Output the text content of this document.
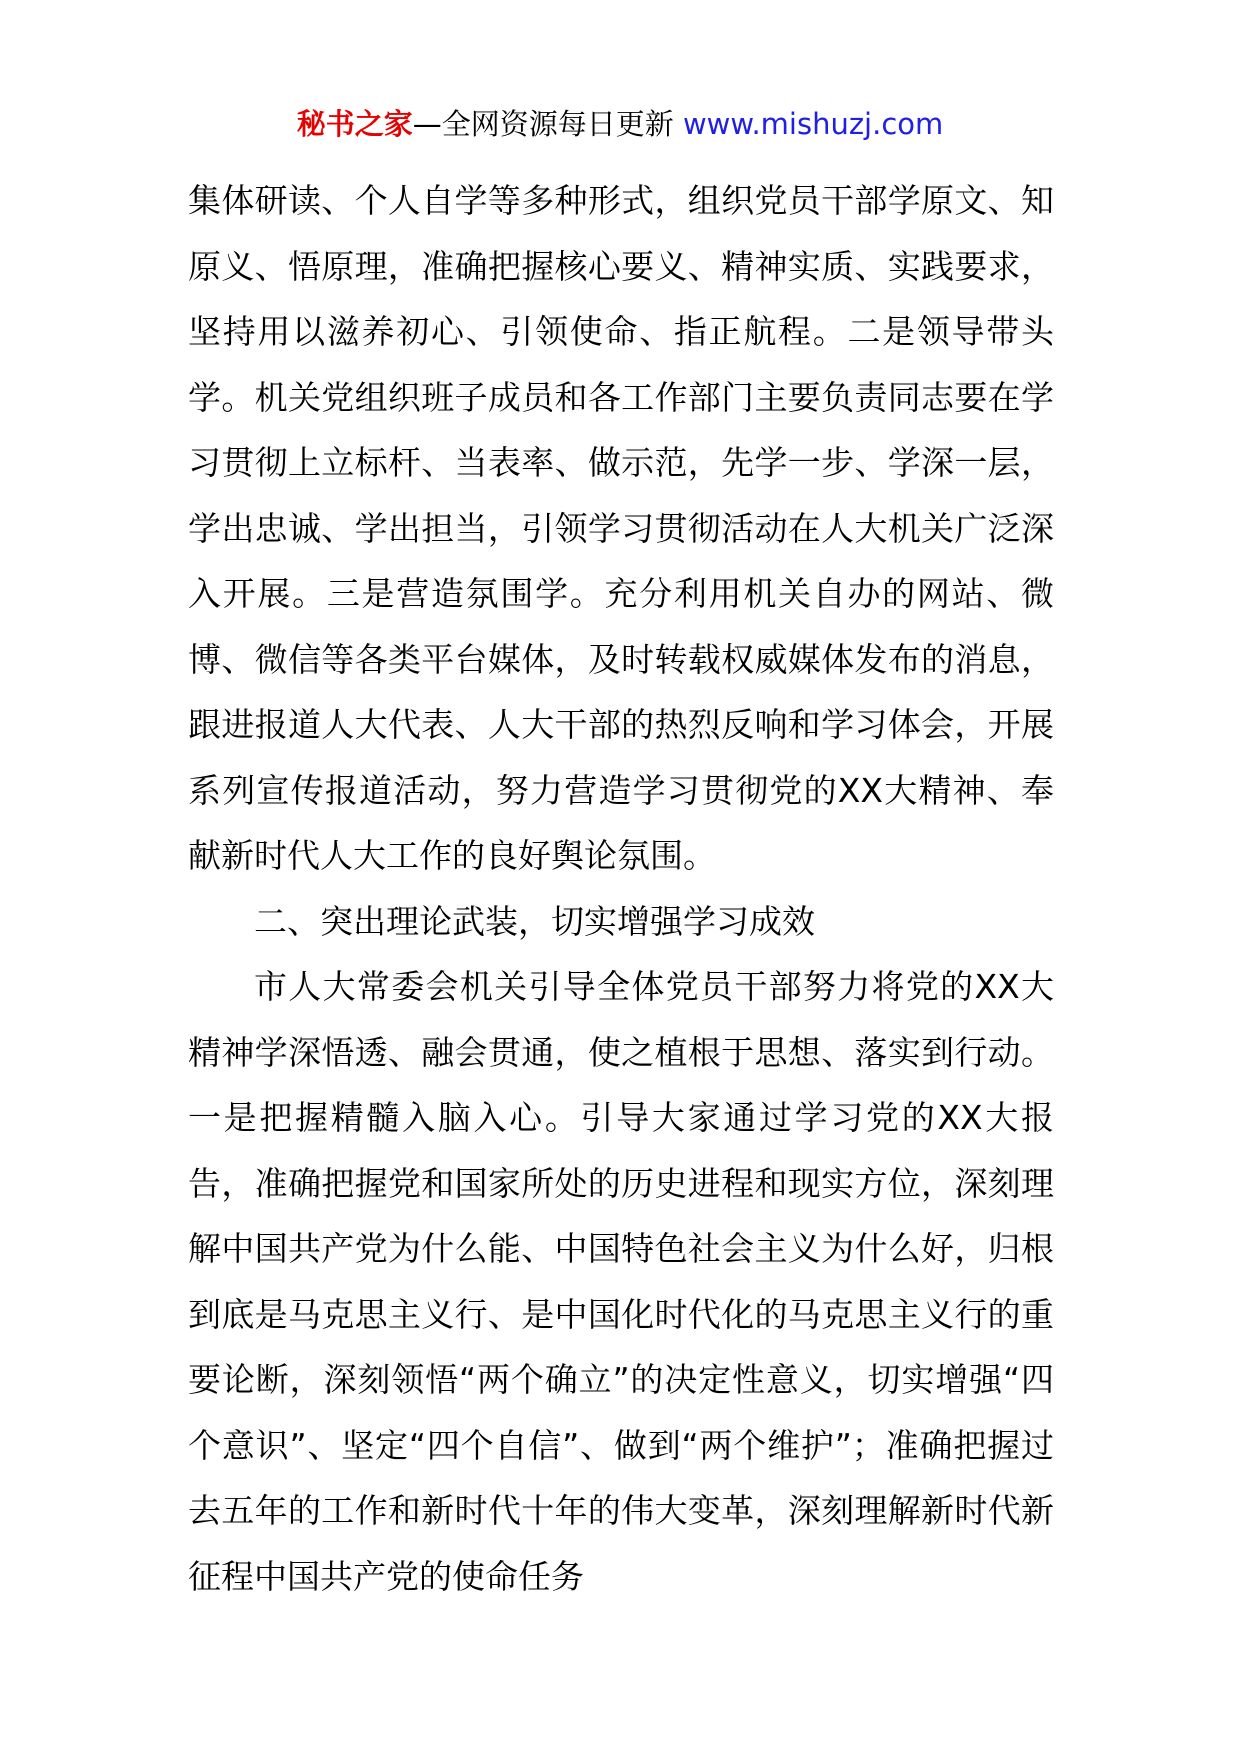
秘书之家—全网资源每日更新 www.mishuzj.com

集体研读、个人自学等多种形式，组织党员干部学原文、知原义、悟原理，准确把握核心要义、精神实质、实践要求，坚持用以滋养初心、引领使命、指正航程。二是领导带头学。机关党组织班子成员和各工作部门主要负责同志要在学习贯彻上立标杆、当表率、做示范，先学一步、学深一层，学出忠诚、学出担当，引领学习贯彻活动在人大机关广泛深入开展。三是营造氛围学。充分利用机关自办的网站、微博、微信等各类平台媒体，及时转载权威媒体发布的消息，跟进报道人大代表、人大干部的热烈反响和学习体会，开展系列宣传报道活动，努力营造学习贯彻党的XX大精神、奉献新时代人大工作的良好舆论氛围。

二、突出理论武装，切实增强学习成效

市人大常委会机关引导全体党员干部努力将党的XX大精神学深悟透、融会贯通，使之植根于思想、落实到行动。一是把握精髓入脑入心。引导大家通过学习党的XX大报告，准确把握党和国家所处的历史进程和现实方位，深刻理解中国共产党为什么能、中国特色社会主义为什么好，归根到底是马克思主义行、是中国化时代化的马克思主义行的重要论断，深刻领悟“两个确立”的决定性意义，切实增强“四个意识”、坚定“四个自信”、做到“两个维护”；准确把握过去五年的工作和新时代十年的伟大变革，深刻理解新时代新征程中国共产党的使命任务
